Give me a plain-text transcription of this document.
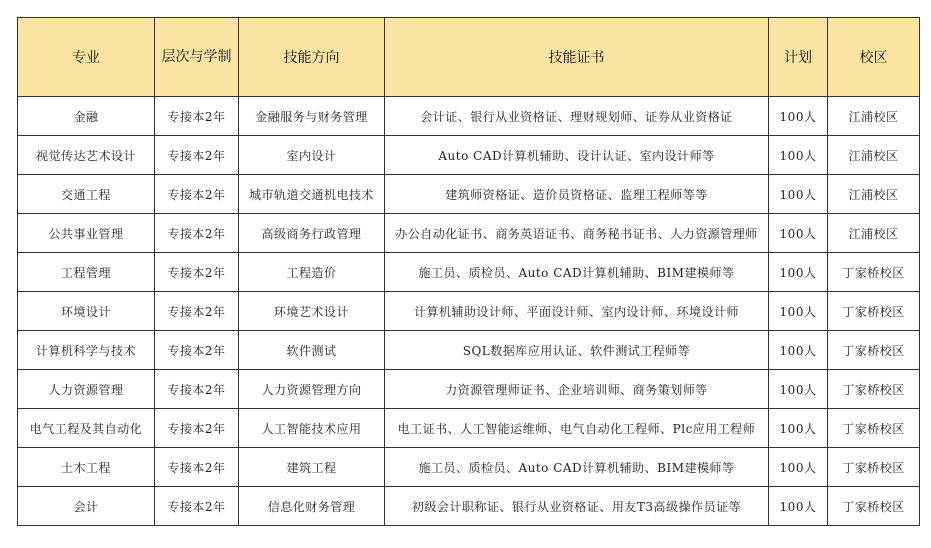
专业	层次与学制	技能方向	技能证书	计划	校区
金融	专接本2年	金融服务与财务管理	会计证、银行从业资格证、理财规划师、证券从业资格证	100人	江浦校区
视觉传达艺术设计	专接本2年	室内设计	Auto CAD计算机辅助、设计认证、室内设计师等	100人	江浦校区
交通工程	专接本2年	城市轨道交通机电技术	建筑师资格证、造价员资格证、监理工程师等等	100人	江浦校区
公共事业管理	专接本2年	高级商务行政管理	办公自动化证书、商务英语证书、商务秘书证书、人力资源管理师	100人	江浦校区
工程管理	专接本2年	工程造价	施工员、质检员、Auto CAD计算机辅助、BIM建模师等	100人	丁家桥校区
环境设计	专接本2年	环境艺术设计	计算机辅助设计师、平面设计师、室内设计师、环境设计师	100人	丁家桥校区
计算机科学与技术	专接本2年	软件测试	SQL数据库应用认证、软件测试工程师等	100人	丁家桥校区
人力资源管理	专接本2年	人力资源管理方向	力资源管理师证书、企业培训师、商务策划师等	100人	丁家桥校区
电气工程及其自动化	专接本2年	人工智能技术应用	电工证书、人工智能运维师、电气自动化工程师、Plc应用工程师	100人	丁家桥校区
土木工程	专接本2年	建筑工程	施工员、质检员、Auto CAD计算机辅助、BIM建模师等	100人	丁家桥校区
会计	专接本2年	信息化财务管理	初级会计职称证、银行从业资格证、用友T3高级操作员证等	100人	丁家桥校区
